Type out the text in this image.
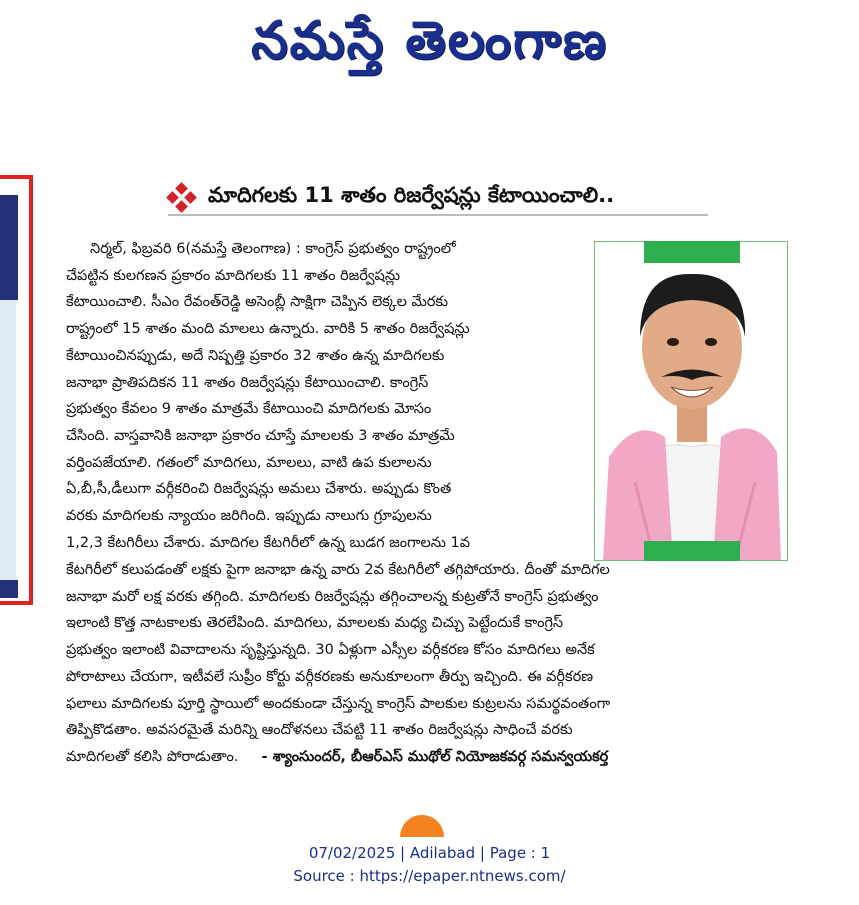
నమస్తే తెలంగాణ
మాదిగలకు 11 శాతం రిజర్వేషన్లు కేటాయించాలి..
నిర్మల్, ఫిబ్రవరి 6(నమస్తే తెలంగాణ) : కాంగ్రెస్ ప్రభుత్వం రాష్ట్రంలో
చేపట్టిన కులగణన ప్రకారం మాదిగలకు 11 శాతం రిజర్వేషన్లు
కేటాయించాలి. సీఎం రేవంత్‌రెడ్డి అసెంబ్లీ సాక్షిగా చెప్పిన లెక్కల మేరకు
రాష్ట్రంలో 15 శాతం మంది మాలలు ఉన్నారు. వారికి 5 శాతం రిజర్వేషన్లు
కేటాయించినప్పుడు, అదే నిష్పత్తి ప్రకారం 32 శాతం ఉన్న మాదిగలకు
జనాభా ప్రాతిపదికన 11 శాతం రిజర్వేషన్లు కేటాయించాలి. కాంగ్రెస్
ప్రభుత్వం కేవలం 9 శాతం మాత్రమే కేటాయించి మాదిగలకు మోసం
చేసింది. వాస్తవానికి జనాభా ప్రకారం చూస్తే మాలలకు 3 శాతం మాత్రమే
వర్తింపజేయాలి. గతంలో మాదిగలు, మాలలు, వాటి ఉప కులాలను
ఏ,బీ,సీ,డీలుగా వర్గీకరించి రిజర్వేషన్లు అమలు చేశారు. అప్పుడు కొంత
వరకు మాదిగలకు న్యాయం జరిగింది. ఇప్పుడు నాలుగు గ్రూపులను
1,2,3 కేటగిరీలు చేశారు. మాదిగల కేటగిరీలో ఉన్న బుడగ జంగాలను 1వ
కేటగిరీలో కలుపడంతో లక్షకు పైగా జనాభా ఉన్న వారు 2వ కేటగిరీలో తగ్గిపోయారు. దీంతో మాదిగల
జనాభా మరో లక్ష వరకు తగ్గింది. మాదిగలకు రిజర్వేషన్లు తగ్గించాలన్న కుట్రతోనే కాంగ్రెస్ ప్రభుత్వం
ఇలాంటి కొత్త నాటకాలకు తెరలేపింది. మాదిగలు, మాలలకు మధ్య చిచ్చు పెట్టేందుకే కాంగ్రెస్
ప్రభుత్వం ఇలాంటి వివాదాలను సృష్టిస్తున్నది. 30 ఏళ్లుగా ఎస్సీల వర్గీకరణ కోసం మాదిగలు అనేక
పోరాటాలు చేయగా, ఇటీవలే సుప్రీం కోర్టు వర్గీకరణకు అనుకూలంగా తీర్పు ఇచ్చింది. ఈ వర్గీకరణ
ఫలాలు మాదిగలకు పూర్తి స్థాయిలో అందకుండా చేస్తున్న కాంగ్రెస్ పాలకుల కుట్రలను సమర్థవంతంగా
తిప్పికొడతాం. అవసరమైతే మరిన్ని ఆందోళనలు చేపట్టి 11 శాతం రిజర్వేషన్లు సాధించే వరకు
మాదిగలతో కలిసి పోరాడుతాం. - శ్యాంసుందర్, బీఆర్ఎస్ ముథోల్ నియోజకవర్గ సమన్వయకర్త
07/02/2025 | Adilabad | Page : 1
Source : https://epaper.ntnews.com/
